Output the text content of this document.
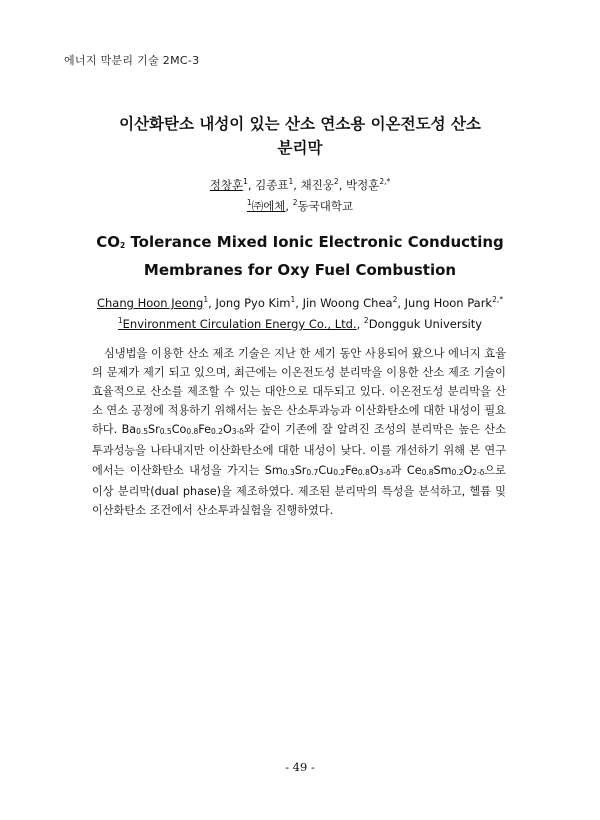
에너지 막분리 기술 2MC-3
이산화탄소 내성이 있는 산소 연소용 이온전도성 산소
분리막
정창훈$^1$, 김종표$^1$, 채진웅$^2$, 박정훈$^{2,*}$
$^1$㈜에체, $^2$동국대학교
CO2 Tolerance Mixed Ionic Electronic Conducting
Membranes for Oxy Fuel Combustion
Chang Hoon Jeong$^1$, Jong Pyo Kim$^1$, Jin Woong Chea$^2$, Jung Hoon Park$^{2,*}$
$^1$Environment Circulation Energy Co., Ltd., $^2$Dongguk University

심냉법을 이용한 산소 제조 기술은 지난 한 세기 동안 사용되어 왔으나 에너지 효율의 문제가 제기 되고 있으며, 최근에는 이온전도성 분리막을 이용한 산소 제조 기술이 효율적으로 산소를 제조할 수 있는 대안으로 대두되고 있다. 이온전도성 분리막을 산소 연소 공정에 적용하기 위해서는 높은 산소투과능과 이산화탄소에 대한 내성이 필요하다. Ba0.5Sr0.5Co0.8Fe0.2O3-δ와 같이 기존에 잘 알려진 조성의 분리막은 높은 산소 투과성능을 나타내지만 이산화탄소에 대한 내성이 낮다. 이를 개선하기 위해 본 연구에서는 이산화탄소 내성을 가지는 Sm0.3Sr0.7Cu0.2Fe0.8O3-δ과 Ce0.8Sm0.2O2-δ으로 이상 분리막(dual phase)을 제조하였다. 제조된 분리막의 특성을 분석하고, 헬륨 및 이산화탄소 조건에서 산소투과실험을 진행하였다.

- 49 -
